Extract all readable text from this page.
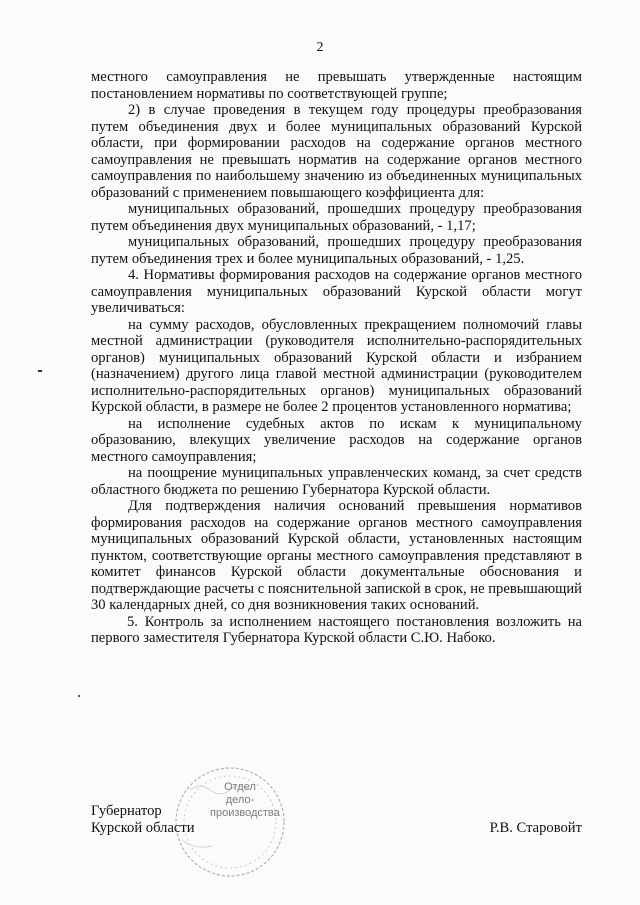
2

местного самоуправления не превышать утвержденные настоящим постановлением нормативы по соответствующей группе;

2) в случае проведения в текущем году процедуры преобразования путем объединения двух и более муниципальных образований Курской области, при формировании расходов на содержание органов местного самоуправления не превышать норматив на содержание органов местного самоуправления по наибольшему значению из объединенных муниципальных образований с применением повышающего коэффициента для:

муниципальных образований, прошедших процедуру преобразования путем объединения двух муниципальных образований, - 1,17;

муниципальных образований, прошедших процедуру преобразования путем объединения трех и более муниципальных образований, - 1,25.

4. Нормативы формирования расходов на содержание органов местного самоуправления муниципальных образований Курской области могут увеличиваться:

на сумму расходов, обусловленных прекращением полномочий главы местной администрации (руководителя исполнительно-распорядительных органов) муниципальных образований Курской области и избранием (назначением) другого лица главой местной администрации (руководителем исполнительно-распорядительных органов) муниципальных образований Курской области, в размере не более 2 процентов установленного норматива;

на исполнение судебных актов по искам к муниципальному образованию, влекущих увеличение расходов на содержание органов местного самоуправления;

на поощрение муниципальных управленческих команд, за счет средств областного бюджета по решению Губернатора Курской области.

Для подтверждения наличия оснований превышения нормативов формирования расходов на содержание органов местного самоуправления муниципальных образований Курской области, установленных настоящим пунктом, соответствующие органы местного самоуправления представляют в комитет финансов Курской области документальные обоснования и подтверждающие расчеты с пояснительной запиской в срок, не превышающий 30 календарных дней, со дня возникновения таких оснований.

5. Контроль за исполнением настоящего постановления возложить на первого заместителя Губернатора Курской области С.Ю. Набоко.

Отдел
дело-
производства
Губернатор
Курской области	Р.В. Старовойт
